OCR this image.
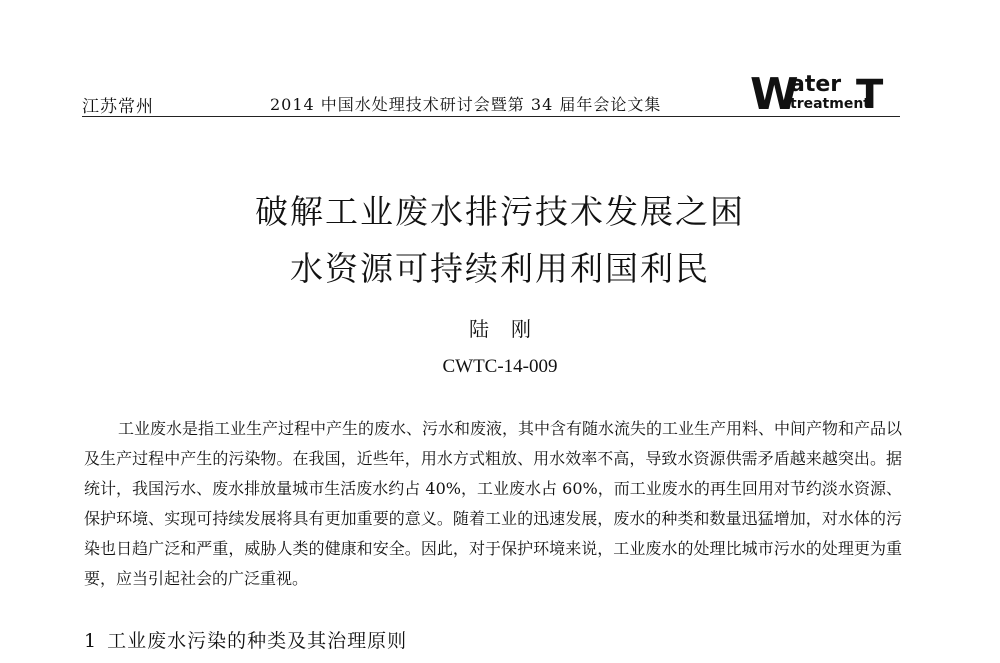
江苏常州	2014 中国水处理技术研讨会暨第 34 届年会论文集 W
ater
treatment
T
破解工业废水排污技术发展之困
水资源可持续利用利国利民
陆刚
CWTC-14-009

工业废水是指工业生产过程中产生的废水、污水和废液，其中含有随水流失的工业生产用料、中间产物和产品以及生产过程中产生的污染物。在我国，近些年，用水方式粗放、用水效率不高，导致水资源供需矛盾越来越突出。据统计，我国污水、废水排放量城市生活废水约占 40%，工业废水占 60%，而工业废水的再生回用对节约淡水资源、保护环境、实现可持续发展将具有更加重要的意义。随着工业的迅速发展，废水的种类和数量迅猛增加，对水体的污染也日趋广泛和严重，威胁人类的健康和安全。因此，对于保护环境来说，工业废水的处理比城市污水的处理更为重要，应当引起社会的广泛重视。

1 工业废水污染的种类及其治理原则
